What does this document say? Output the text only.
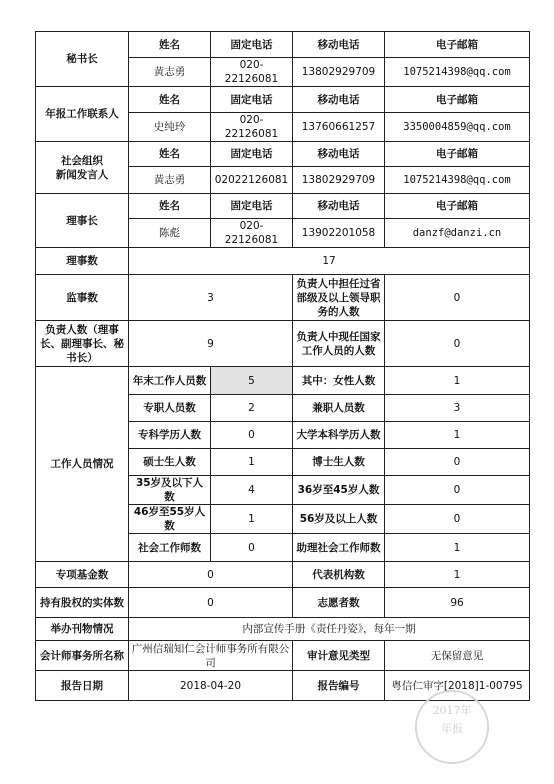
秘书长	姓名	固定电话	移动电话	电子邮箱
	黄志勇	020-22126081	13802929709	1075214398@qq.com
年报工作联系人	姓名	固定电话	移动电话	电子邮箱
	史纯玲	020-22126081	13760661257	3350004859@qq.com
社会组织
新闻发言人	姓名	固定电话	移动电话	电子邮箱
	黄志勇	02022126081	13802929709	1075214398@qq.com
理事长	姓名	固定电话	移动电话	电子邮箱
	陈彪	020-22126081	13902201058	danzf@danzi.cn
理事数	17			
监事数	3		负责人中担任过省部级及以上领导职务的人数	0
负责人数（理事长、副理事长、秘书长）	9		负责人中现任国家工作人员的人数	0
工作人员情况	年末工作人员数	5	其中：女性人数	1
	专职人员数	2	兼职人员数	3
	专科学历人数	0	大学本科学历人数	1
	硕士生人数	1	博士生人数	0
	35岁及以下人数	4	36岁至45岁人数	0
	46岁至55岁人数	1	56岁及以上人数	0
	社会工作师数	0	助理社会工作师数	1
专项基金数	0		代表机构数	1
持有股权的实体数	0		志愿者数	96
举办刊物情况	内部宣传手册《责任丹姿》，每年一期			
会计师事务所名称	广州信瑞知仁会计师事务所有限公司		审计意见类型	无保留意见
报告日期	2018-04-20		报告编号	粤信仁审字[2018]1-00795
2017年
年报
